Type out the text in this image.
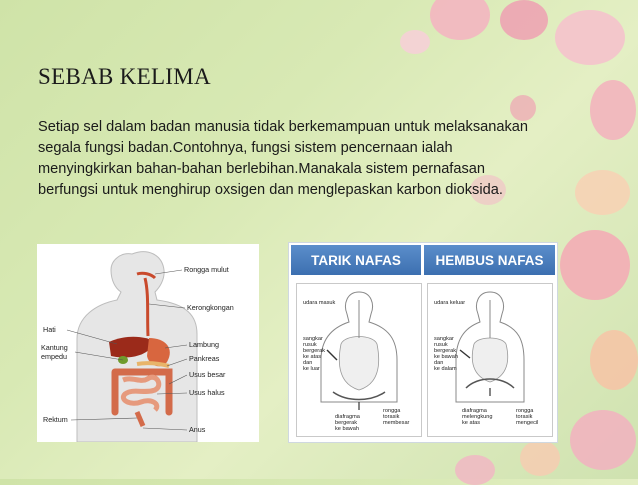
SEBAB KELIMA
Setiap sel dalam badan manusia tidak berkemampuan untuk melaksanakan segala fungsi badan.Contohnya, fungsi sistem pencernaan ialah menyingkirkan bahan-bahan berlebihan.Manakala sistem pernafasan berfungsi untuk menghirup oxsigen dan menglepaskan karbon dioksida.
Rongga mulut
Kerongkongan
Hati
Kantung
empedu
Lambung
Pankreas
Usus besar
Usus halus
Rektum
Anus
TARIK NAFAS	HEMBUS NAFAS
udara masuk
sangkar
rusuk
bergerak
ke atas
dan
ke luar
rongga
torasik
membesar
diafragma
bergerak
ke bawah
udara keluar
sangkar
rusuk
bergerak
ke bawah
dan
ke dalam
rongga
torasik
mengecil
diafragma
melengkung
ke atas
